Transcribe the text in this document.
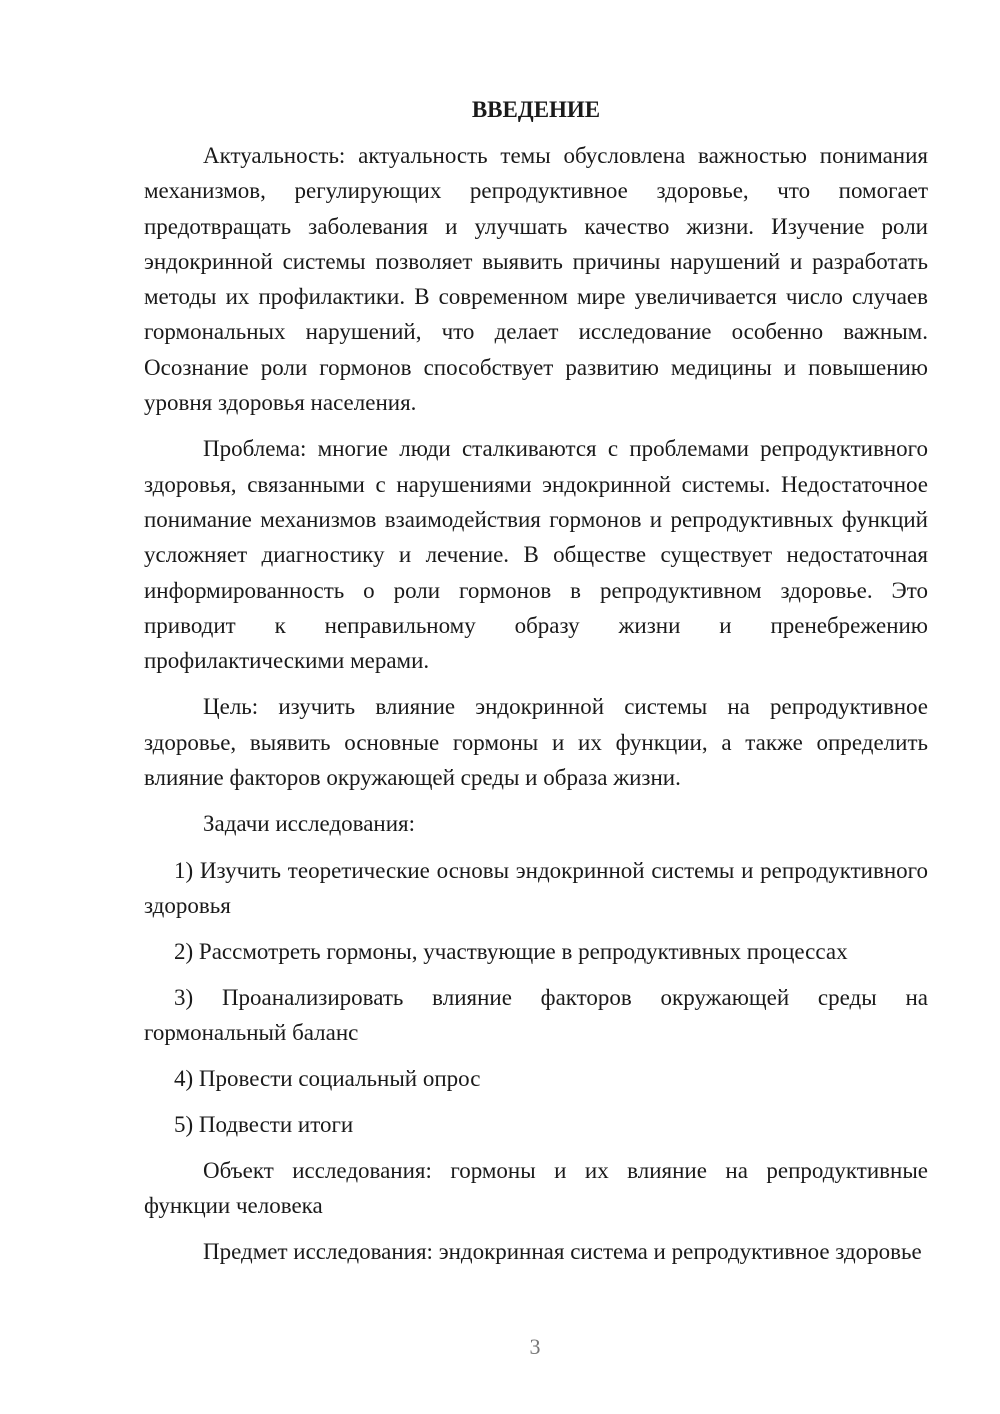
ВВЕДЕНИЕ

Актуальность: актуальность темы обусловлена важностью понимания механизмов, регулирующих репродуктивное здоровье, что помогает предотвращать заболевания и улучшать качество жизни. Изучение роли эндокринной системы позволяет выявить причины нарушений и разработать методы их профилактики. В современном мире увеличивается число случаев гормональных нарушений, что делает исследование особенно важным. Осознание роли гормонов способствует развитию медицины и повышению уровня здоровья населения.

Проблема: многие люди сталкиваются с проблемами репродуктивного здоровья, связанными с нарушениями эндокринной системы. Недостаточное понимание механизмов взаимодействия гормонов и репродуктивных функций усложняет диагностику и лечение. В обществе существует недостаточная информированность о роли гормонов в репродуктивном здоровье. Это приводит к неправильному образу жизни и пренебрежению профилактическими мерами.

Цель: изучить влияние эндокринной системы на репродуктивное здоровье, выявить основные гормоны и их функции, а также определить влияние факторов окружающей среды и образа жизни.

Задачи исследования:

1) Изучить теоретические основы эндокринной системы и репродуктивного здоровья

2) Рассмотреть гормоны, участвующие в репродуктивных процессах

3) Проанализировать влияние факторов окружающей среды на гормональный баланс

4) Провести социальный опрос

5) Подвести итоги

Объект исследования: гормоны и их влияние на репродуктивные функции человека

Предмет исследования: эндокринная система и репродуктивное здоровье

3
